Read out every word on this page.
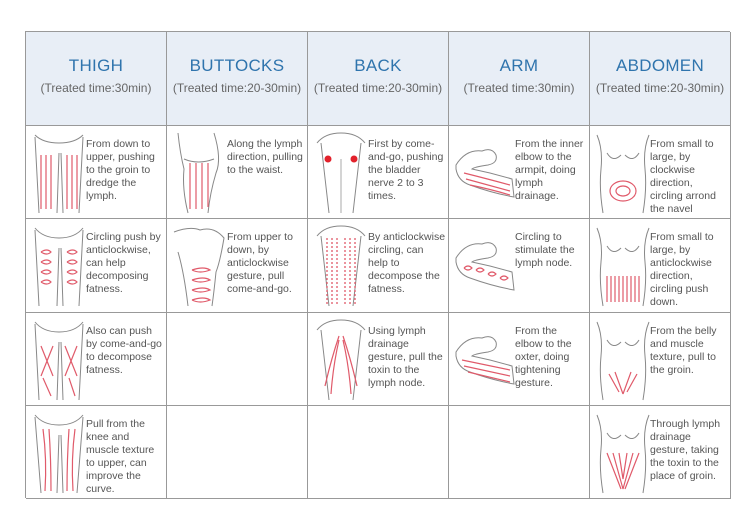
THIGH
(Treated time:30min)
BUTTOCKS
(Treated time:20-30min)
BACK
(Treated time:20-30min)
ARM
(Treated time:30min)
ABDOMEN
(Treated time:20-30min)
From down to upper, pushing to the groin to dredge the lymph.
Along the lymph direction, pulling to the waist.
First by come-and-go, pushing the bladder nerve 2 to 3 times.
From the inner elbow to the armpit, doing lymph drainage.
From small to large, by clockwise direction, circling arrond the navel
Circling push by anticlockwise, can help decomposing fatness.
From upper to down, by anticlockwise gesture, pull come-and-go.
By anticlockwise circling, can help to decompose the fatness.
Circling to stimulate the lymph node.
From small to large, by anticlockwise direction, circling push down.
Also can push by come-and-go to decompose fatness.
Using lymph drainage gesture, pull the toxin to the lymph node.
From the elbow to the oxter, doing tightening gesture.
From the belly and muscle texture, pull to the groin.
Pull from the knee and muscle texture to upper, can improve the curve.
Through lymph drainage gesture, taking the toxin to the place of groin.
